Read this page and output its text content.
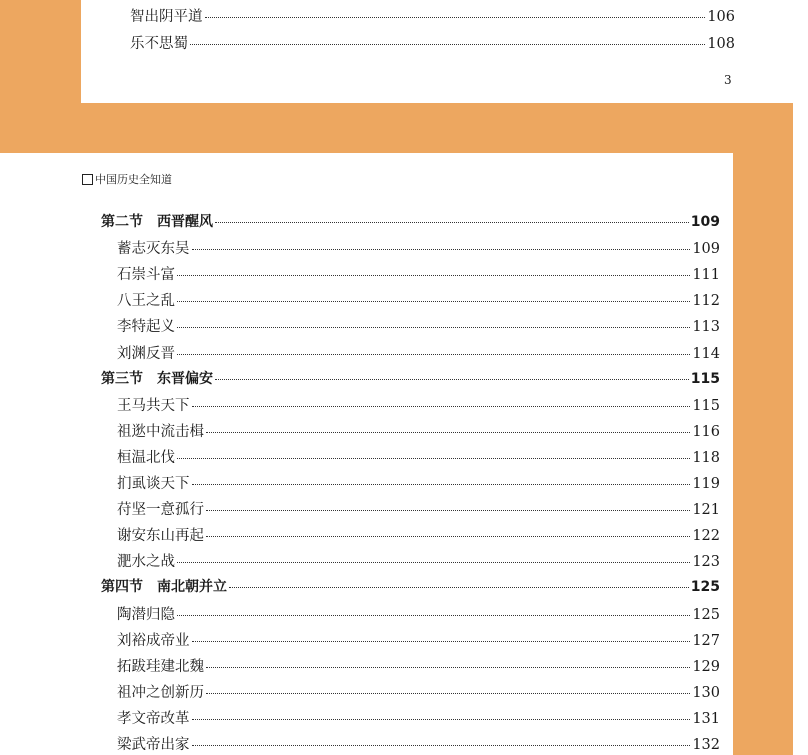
智出阴平道	106
乐不思蜀	108
3
中国历史全知道
第二节 西晋醒风	109
蓄志灭东吴	109
石崇斗富	111
八王之乱	112
李特起义	113
刘渊反晋	114
第三节 东晋偏安	115
王马共天下	115
祖逖中流击楫	116
桓温北伐	118
扪虱谈天下	119
苻坚一意孤行	121
谢安东山再起	122
淝水之战	123
第四节 南北朝并立	125
陶潜归隐	125
刘裕成帝业	127
拓跋珪建北魏	129
祖冲之创新历	130
孝文帝改革	131
梁武帝出家	132
